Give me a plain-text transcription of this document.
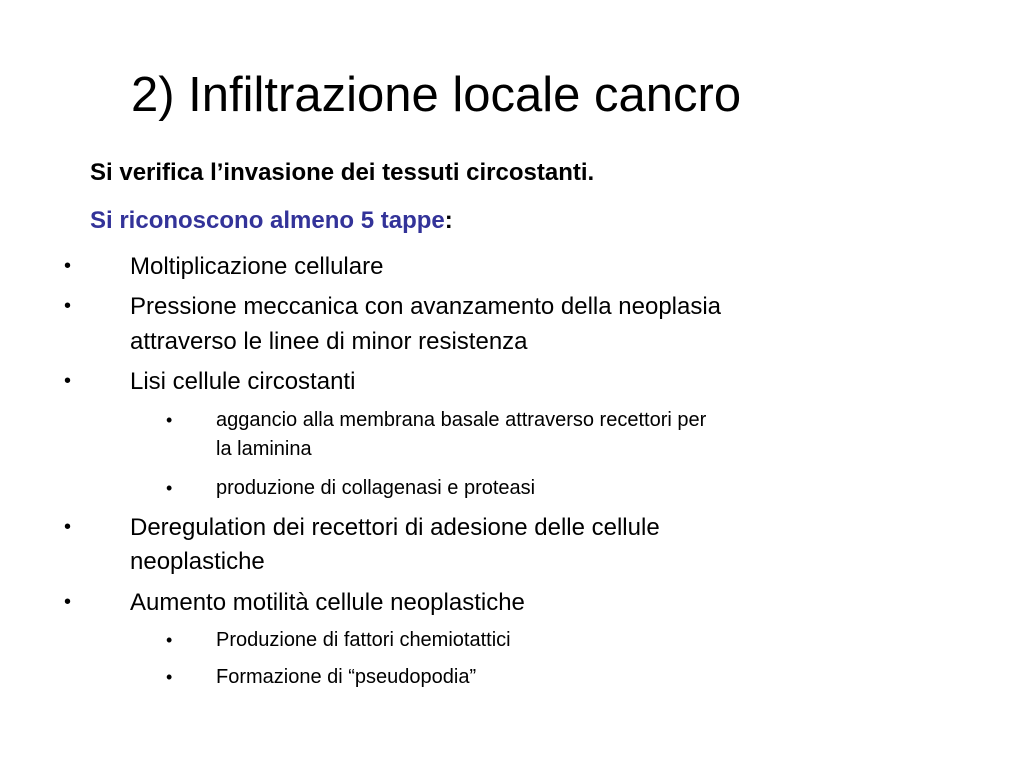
2) Infiltrazione locale cancro
Si verifica l’invasione dei tessuti circostanti.
Si riconoscono almeno 5 tappe:
• Moltiplicazione cellulare
• Pressione meccanica con avanzamento della neoplasia
attraverso le linee di minor resistenza
• Lisi cellule circostanti
• aggancio alla membrana basale attraverso recettori per
la laminina
• produzione di collagenasi e proteasi
• Deregulation dei recettori di adesione delle cellule
neoplastiche
• Aumento motilità cellule neoplastiche
• Produzione di fattori chemiotattici
• Formazione di “pseudopodia”
